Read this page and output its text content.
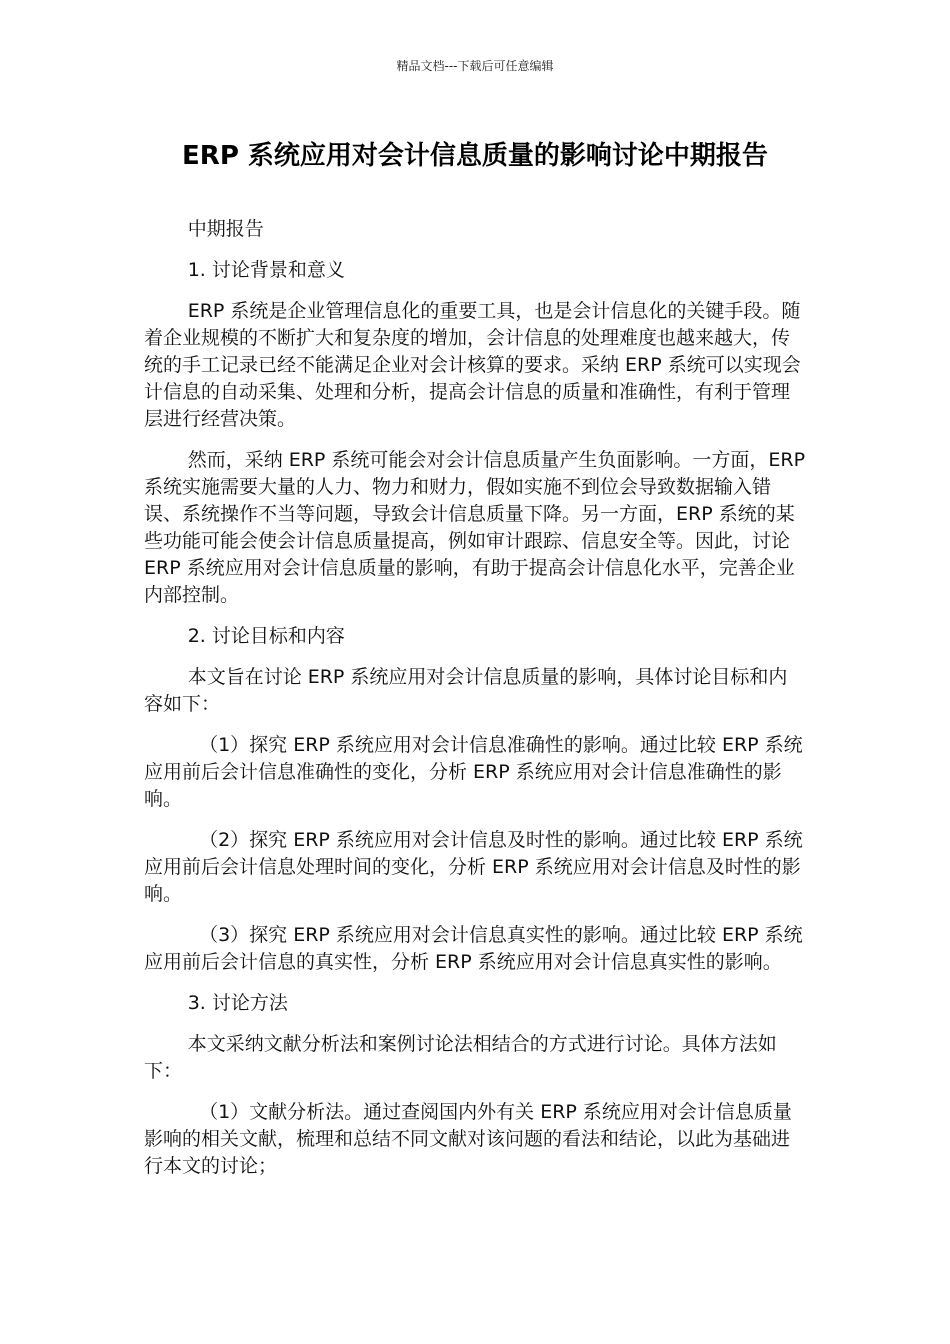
精品文档---下载后可任意编辑
ERP 系统应用对会计信息质量的影响讨论中期报告

中期报告

1. 讨论背景和意义

ERP 系统是企业管理信息化的重要工具，也是会计信息化的关键手段。随着企业规模的不断扩大和复杂度的增加，会计信息的处理难度也越来越大，传统的手工记录已经不能满足企业对会计核算的要求。采纳 ERP 系统可以实现会计信息的自动采集、处理和分析，提高会计信息的质量和准确性，有利于管理层进行经营决策。

然而，采纳 ERP 系统可能会对会计信息质量产生负面影响。一方面，ERP 系统实施需要大量的人力、物力和财力，假如实施不到位会导致数据输入错误、系统操作不当等问题，导致会计信息质量下降。另一方面，ERP 系统的某些功能可能会使会计信息质量提高，例如审计跟踪、信息安全等。因此，讨论 ERP 系统应用对会计信息质量的影响，有助于提高会计信息化水平，完善企业内部控制。

2. 讨论目标和内容

本文旨在讨论 ERP 系统应用对会计信息质量的影响，具体讨论目标和内容如下：

（1）探究 ERP 系统应用对会计信息准确性的影响。通过比较 ERP 系统应用前后会计信息准确性的变化，分析 ERP 系统应用对会计信息准确性的影响。

（2）探究 ERP 系统应用对会计信息及时性的影响。通过比较 ERP 系统应用前后会计信息处理时间的变化，分析 ERP 系统应用对会计信息及时性的影响。

（3）探究 ERP 系统应用对会计信息真实性的影响。通过比较 ERP 系统应用前后会计信息的真实性，分析 ERP 系统应用对会计信息真实性的影响。

3. 讨论方法

本文采纳文献分析法和案例讨论法相结合的方式进行讨论。具体方法如下：

（1）文献分析法。通过查阅国内外有关 ERP 系统应用对会计信息质量影响的相关文献，梳理和总结不同文献对该问题的看法和结论，以此为基础进行本文的讨论；
